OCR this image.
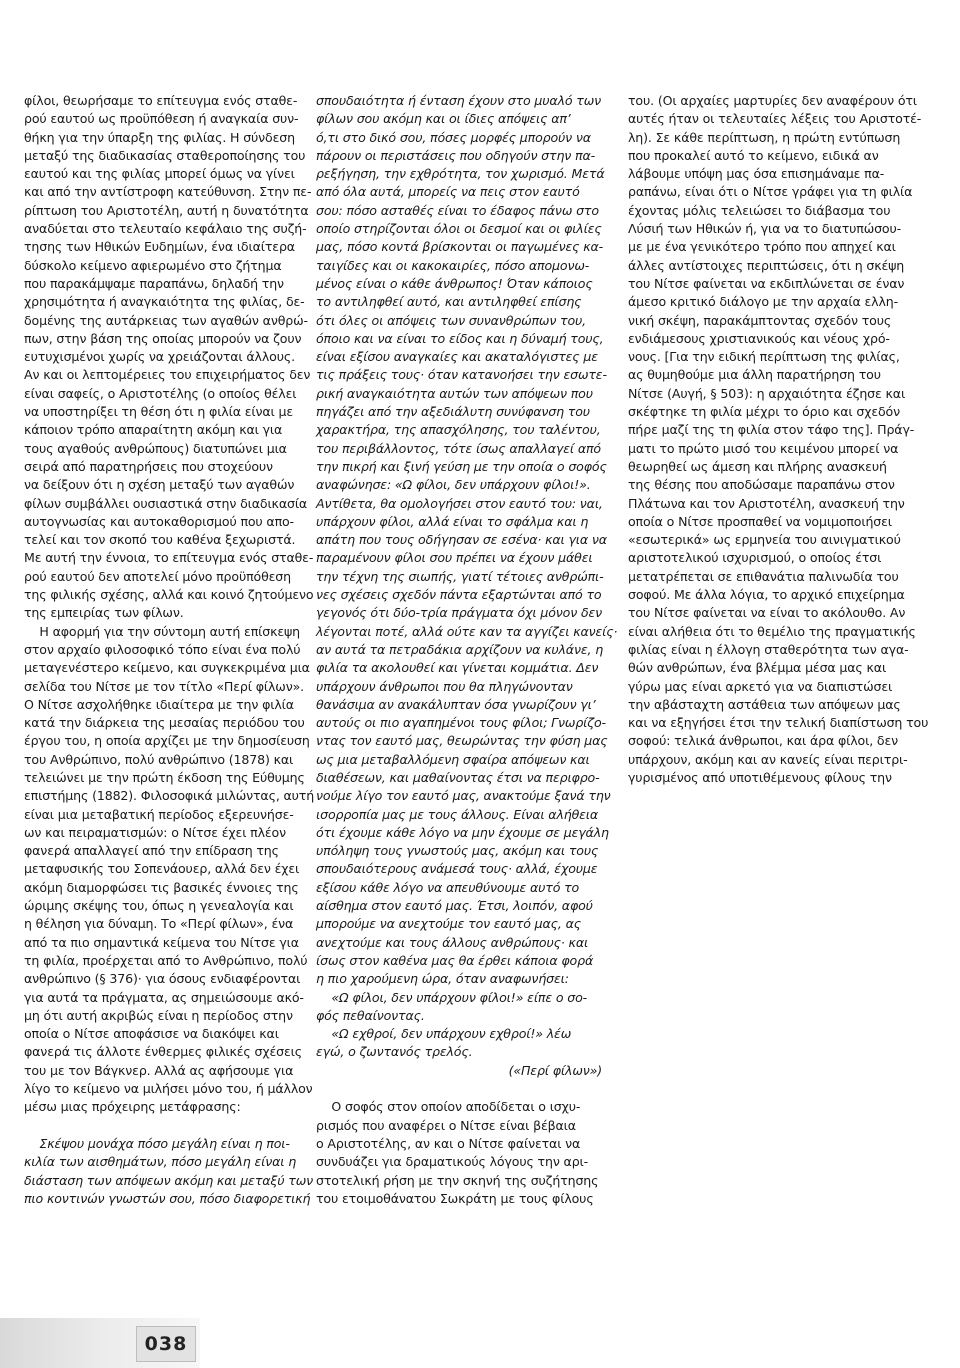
φίλοι, θεωρήσαμε το επίτευγμα ενός σταθε-
ρού εαυτού ως προϋπόθεση ή αναγκαία συν-
θήκη για την ύπαρξη της φιλίας. Η σύνδεση
μεταξύ της διαδικασίας σταθεροποίησης του
εαυτού και της φιλίας μπορεί όμως να γίνει
και από την αντίστροφη κατεύθυνση. Στην πε-
ρίπτωση του Αριστοτέλη, αυτή η δυνατότητα
αναδύεται στο τελευταίο κεφάλαιο της συζή-
τησης των Ηθικών Ευδημίων, ένα ιδιαίτερα
δύσκολο κείμενο αφιερωμένο στο ζήτημα
που παρακάμψαμε παραπάνω, δηλαδή την
χρησιμότητα ή αναγκαιότητα της φιλίας, δε-
δομένης της αυτάρκειας των αγαθών ανθρώ-
πων, στην βάση της οποίας μπορούν να ζουν
ευτυχισμένοι χωρίς να χρειάζονται άλλους.
Αν και οι λεπτομέρειες του επιχειρήματος δεν
είναι σαφείς, ο Αριστοτέλης (ο οποίος θέλει
να υποστηρίξει τη θέση ότι η φιλία είναι με
κάποιον τρόπο απαραίτητη ακόμη και για
τους αγαθούς ανθρώπους) διατυπώνει μια
σειρά από παρατηρήσεις που στοχεύουν
να δείξουν ότι η σχέση μεταξύ των αγαθών
φίλων συμβάλλει ουσιαστικά στην διαδικασία
αυτογνωσίας και αυτοκαθορισμού που απο-
τελεί και τον σκοπό του καθένα ξεχωριστά.
Με αυτή την έννοια, το επίτευγμα ενός σταθε-
ρού εαυτού δεν αποτελεί μόνο προϋπόθεση
της φιλικής σχέσης, αλλά και κοινό ζητούμενο
της εμπειρίας των φίλων.
Η αφορμή για την σύντομη αυτή επίσκεψη
στον αρχαίο φιλοσοφικό τόπο είναι ένα πολύ
μεταγενέστερο κείμενο, και συγκεκριμένα μια
σελίδα του Νίτσε με τον τίτλο «Περί φίλων».
Ο Νίτσε ασχολήθηκε ιδιαίτερα με την φιλία
κατά την διάρκεια της μεσαίας περιόδου του
έργου του, η οποία αρχίζει με την δημοσίευση
του Ανθρώπινο, πολύ ανθρώπινο (1878) και
τελειώνει με την πρώτη έκδοση της Εύθυμης
επιστήμης (1882). Φιλοσοφικά μιλώντας, αυτή
είναι μια μεταβατική περίοδος εξερευνήσε-
ων και πειραματισμών: ο Νίτσε έχει πλέον
φανερά απαλλαγεί από την επίδραση της
μεταφυσικής του Σοπενάουερ, αλλά δεν έχει
ακόμη διαμορφώσει τις βασικές έννοιες της
ώριμης σκέψης του, όπως η γενεαλογία και
η θέληση για δύναμη. Το «Περί φίλων», ένα
από τα πιο σημαντικά κείμενα του Νίτσε για
τη φιλία, προέρχεται από το Ανθρώπινο, πολύ
ανθρώπινο (§ 376)· για όσους ενδιαφέρονται
για αυτά τα πράγματα, ας σημειώσουμε ακό-
μη ότι αυτή ακριβώς είναι η περίοδος στην
οποία ο Νίτσε αποφάσισε να διακόψει και
φανερά τις άλλοτε ένθερμες φιλικές σχέσεις
του με τον Βάγκνερ. Αλλά ας αφήσουμε για
λίγο το κείμενο να μιλήσει μόνο του, ή μάλλον
μέσω μιας πρόχειρης μετάφρασης:
Σκέψου μονάχα πόσο μεγάλη είναι η ποι-
κιλία των αισθημάτων, πόσο μεγάλη είναι η
διάσταση των απόψεων ακόμη και μεταξύ των
πιο κοντινών γνωστών σου, πόσο διαφορετική
σπουδαιότητα ή ένταση έχουν στο μυαλό των
φίλων σου ακόμη και οι ίδιες απόψεις απ’
ό,τι στο δικό σου, πόσες μορφές μπορούν να
πάρουν οι περιστάσεις που οδηγούν στην πα-
ρεξήγηση, την εχθρότητα, τον χωρισμό. Μετά
από όλα αυτά, μπορείς να πεις στον εαυτό
σου: πόσο ασταθές είναι το έδαφος πάνω στο
οποίο στηρίζονται όλοι οι δεσμοί και οι φιλίες
μας, πόσο κοντά βρίσκονται οι παγωμένες κα-
ταιγίδες και οι κακοκαιρίες, πόσο απομονω-
μένος είναι ο κάθε άνθρωπος! Όταν κάποιος
το αντιληφθεί αυτό, και αντιληφθεί επίσης
ότι όλες οι απόψεις των συνανθρώπων του,
όποιο και να είναι το είδος και η δύναμή τους,
είναι εξίσου αναγκαίες και ακαταλόγιστες με
τις πράξεις τους· όταν κατανοήσει την εσωτε-
ρική αναγκαιότητα αυτών των απόψεων που
πηγάζει από την αξεδιάλυτη συνύφανση του
χαρακτήρα, της απασχόλησης, του ταλέντου,
του περιβάλλοντος, τότε ίσως απαλλαγεί από
την πικρή και ξινή γεύση με την οποία ο σοφός
αναφώνησε: «Ω φίλοι, δεν υπάρχουν φίλοι!».
Αντίθετα, θα ομολογήσει στον εαυτό του: ναι,
υπάρχουν φίλοι, αλλά είναι το σφάλμα και η
απάτη που τους οδήγησαν σε εσένα· και για να
παραμένουν φίλοι σου πρέπει να έχουν μάθει
την τέχνη της σιωπής, γιατί τέτοιες ανθρώπι-
νες σχέσεις σχεδόν πάντα εξαρτώνται από το
γεγονός ότι δύο-τρία πράγματα όχι μόνον δεν
λέγονται ποτέ, αλλά ούτε καν τα αγγίζει κανείς·
αν αυτά τα πετραδάκια αρχίζουν να κυλάνε, η
φιλία τα ακολουθεί και γίνεται κομμάτια. Δεν
υπάρχουν άνθρωποι που θα πληγώνονταν
θανάσιμα αν ανακάλυπταν όσα γνωρίζουν γι’
αυτούς οι πιο αγαπημένοι τους φίλοι; Γνωρίζο-
ντας τον εαυτό μας, θεωρώντας την φύση μας
ως μια μεταβαλλόμενη σφαίρα απόψεων και
διαθέσεων, και μαθαίνοντας έτσι να περιφρο-
νούμε λίγο τον εαυτό μας, ανακτούμε ξανά την
ισορροπία μας με τους άλλους. Είναι αλήθεια
ότι έχουμε κάθε λόγο να μην έχουμε σε μεγάλη
υπόληψη τους γνωστούς μας, ακόμη και τους
σπουδαιότερους ανάμεσά τους· αλλά, έχουμε
εξίσου κάθε λόγο να απευθύνουμε αυτό το
αίσθημα στον εαυτό μας. Έτσι, λοιπόν, αφού
μπορούμε να ανεχτούμε τον εαυτό μας, ας
ανεχτούμε και τους άλλους ανθρώπους· και
ίσως στον καθένα μας θα έρθει κάποια φορά
η πιο χαρούμενη ώρα, όταν αναφωνήσει:
«Ω φίλοι, δεν υπάρχουν φίλοι!» είπε ο σο-
φός πεθαίνοντας.
«Ω εχθροί, δεν υπάρχουν εχθροί!» λέω
εγώ, ο ζωντανός τρελός.
(«Περί φίλων»)
Ο σοφός στον οποίον αποδίδεται ο ισχυ-
ρισμός που αναφέρει ο Νίτσε είναι βέβαια
ο Αριστοτέλης, αν και ο Νίτσε φαίνεται να
συνδυάζει για δραματικούς λόγους την αρι-
στοτελική ρήση με την σκηνή της συζήτησης
του ετοιμοθάνατου Σωκράτη με τους φίλους
του. (Οι αρχαίες μαρτυρίες δεν αναφέρουν ότι
αυτές ήταν οι τελευταίες λέξεις του Αριστοτέ-
λη). Σε κάθε περίπτωση, η πρώτη εντύπωση
που προκαλεί αυτό το κείμενο, ειδικά αν
λάβουμε υπόψη μας όσα επισημάναμε πα-
ραπάνω, είναι ότι ο Νίτσε γράφει για τη φιλία
έχοντας μόλις τελειώσει το διάβασμα του
Λύσιή των Ηθικών ή, για να το διατυπώσου-
με με ένα γενικότερο τρόπο που απηχεί και
άλλες αντίστοιχες περιπτώσεις, ότι η σκέψη
του Νίτσε φαίνεται να εκδιπλώνεται σε έναν
άμεσο κριτικό διάλογο με την αρχαία ελλη-
νική σκέψη, παρακάμπτοντας σχεδόν τους
ενδιάμεσους χριστιανικούς και νέους χρό-
νους. [Για την ειδική περίπτωση της φιλίας,
ας θυμηθούμε μια άλλη παρατήρηση του
Νίτσε (Αυγή, § 503): η αρχαιότητα έζησε και
σκέφτηκε τη φιλία μέχρι το όριο και σχεδόν
πήρε μαζί της τη φιλία στον τάφο της]. Πράγ-
ματι το πρώτο μισό του κειμένου μπορεί να
θεωρηθεί ως άμεση και πλήρης ανασκευή
της θέσης που αποδώσαμε παραπάνω στον
Πλάτωνα και τον Αριστοτέλη, ανασκευή την
οποία ο Νίτσε προσπαθεί να νομιμοποιήσει
«εσωτερικά» ως ερμηνεία του αινιγματικού
αριστοτελικού ισχυρισμού, ο οποίος έτσι
μετατρέπεται σε επιθανάτια παλινωδία του
σοφού. Με άλλα λόγια, το αρχικό επιχείρημα
του Νίτσε φαίνεται να είναι το ακόλουθο. Αν
είναι αλήθεια ότι το θεμέλιο της πραγματικής
φιλίας είναι η έλλογη σταθερότητα των αγα-
θών ανθρώπων, ένα βλέμμα μέσα μας και
γύρω μας είναι αρκετό για να διαπιστώσει
την αβάσταχτη αστάθεια των απόψεων μας
και να εξηγήσει έτσι την τελική διαπίστωση του
σοφού: τελικά άνθρωποι, και άρα φίλοι, δεν
υπάρχουν, ακόμη και αν κανείς είναι περιτρι-
γυρισμένος από υποτιθέμενους φίλους την
038
